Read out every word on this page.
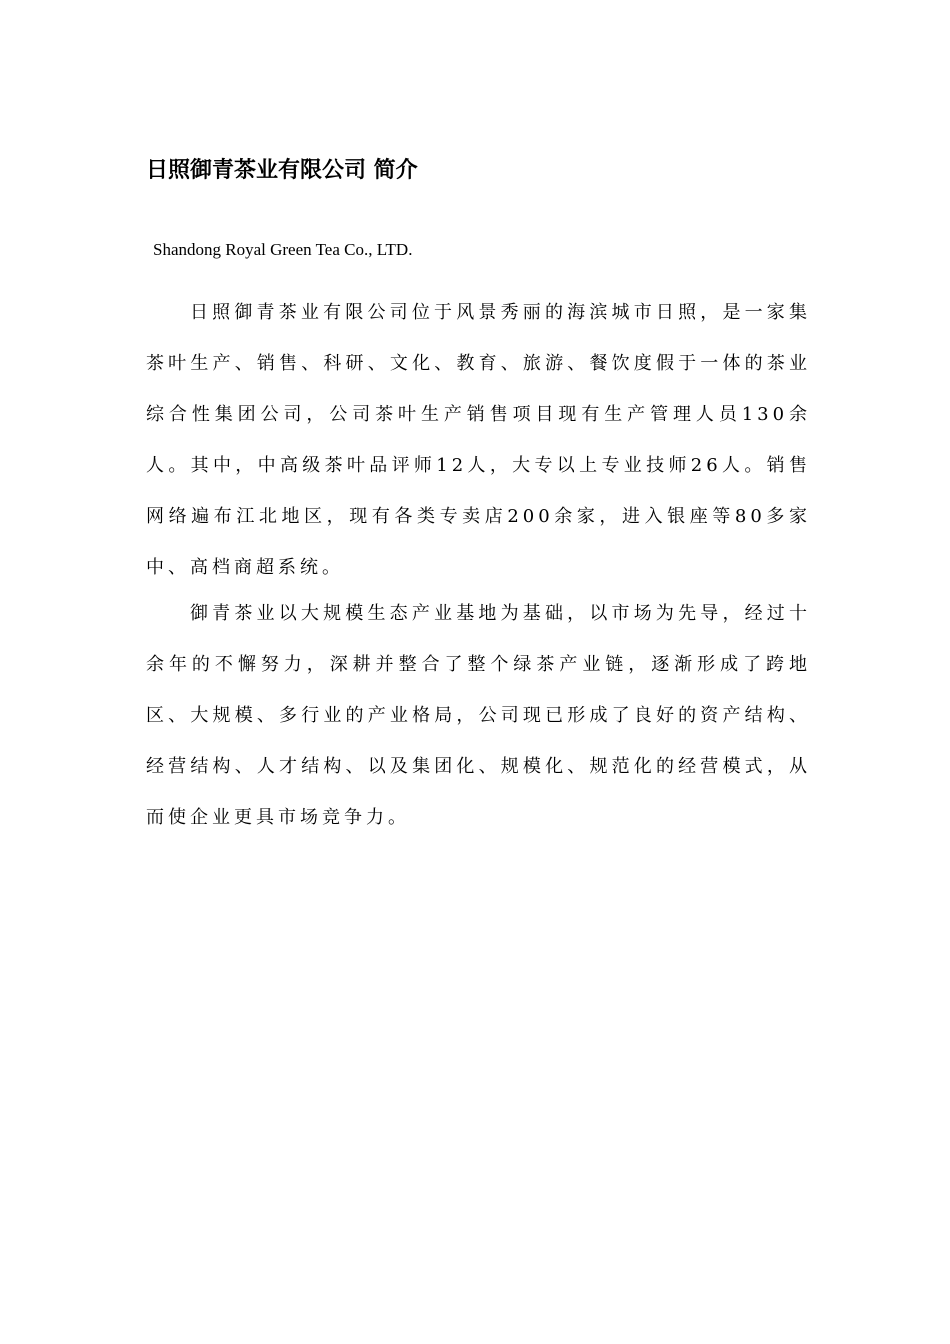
日照御青茶业有限公司 简介
Shandong Royal Green Tea Co., LTD.

日照御青茶业有限公司位于风景秀丽的海滨城市日照，是一家集茶叶生产、销售、科研、文化、教育、旅游、餐饮度假于一体的茶业综合性集团公司，公司茶叶生产销售项目现有生产管理人员130余人。其中，中高级茶叶品评师12人，大专以上专业技师26人。销售网络遍布江北地区，现有各类专卖店200余家，进入银座等80多家中、高档商超系统。

御青茶业以大规模生态产业基地为基础，以市场为先导，经过十余年的不懈努力，深耕并整合了整个绿茶产业链，逐渐形成了跨地区、大规模、多行业的产业格局，公司现已形成了良好的资产结构、经营结构、人才结构、以及集团化、规模化、规范化的经营模式，从而使企业更具市场竞争力。
